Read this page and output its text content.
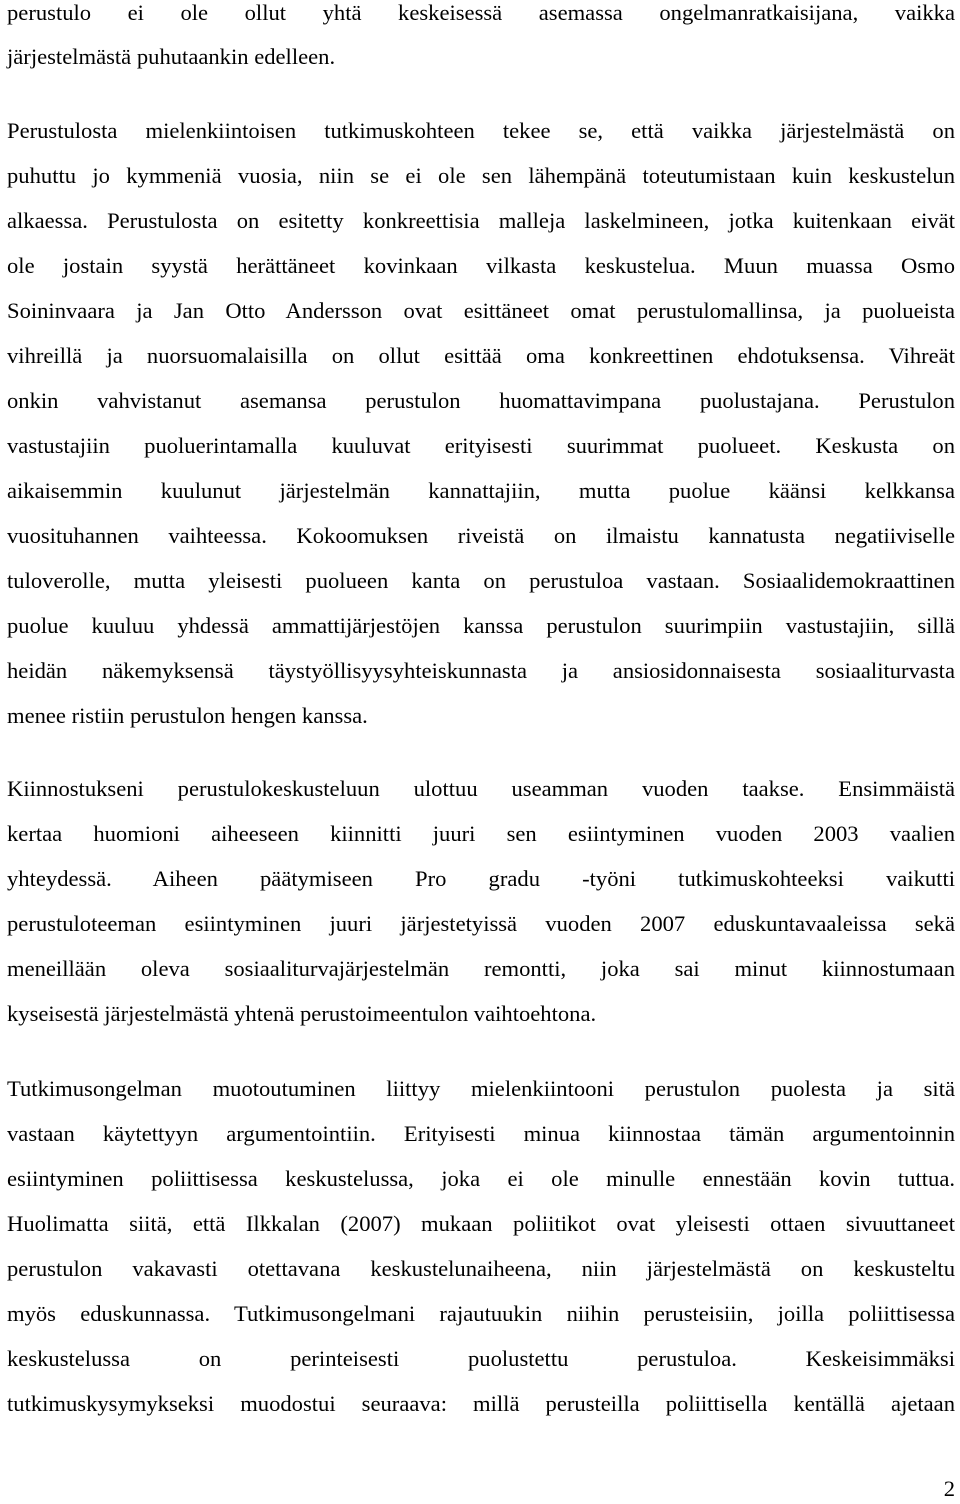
perustulo ei ole ollut yhtä keskeisessä asemassa ongelmanratkaisijana, vaikka
järjestelmästä puhutaankin edelleen.
Perustulosta mielenkiintoisen tutkimuskohteen tekee se, että vaikka järjestelmästä on
puhuttu jo kymmeniä vuosia, niin se ei ole sen lähempänä toteutumistaan kuin keskustelun
alkaessa. Perustulosta on esitetty konkreettisia malleja laskelmineen, jotka kuitenkaan eivät
ole jostain syystä herättäneet kovinkaan vilkasta keskustelua. Muun muassa Osmo
Soininvaara ja Jan Otto Andersson ovat esittäneet omat perustulomallinsa, ja puolueista
vihreillä ja nuorsuomalaisilla on ollut esittää oma konkreettinen ehdotuksensa. Vihreät
onkin vahvistanut asemansa perustulon huomattavimpana puolustajana. Perustulon
vastustajiin puoluerintamalla kuuluvat erityisesti suurimmat puolueet. Keskusta on
aikaisemmin kuulunut järjestelmän kannattajiin, mutta puolue käänsi kelkkansa
vuosituhannen vaihteessa. Kokoomuksen riveistä on ilmaistu kannatusta negatiiviselle
tuloverolle, mutta yleisesti puolueen kanta on perustuloa vastaan. Sosiaalidemokraattinen
puolue kuuluu yhdessä ammattijärjestöjen kanssa perustulon suurimpiin vastustajiin, sillä
heidän näkemyksensä täystyöllisyysyhteiskunnasta ja ansiosidonnaisesta sosiaaliturvasta
menee ristiin perustulon hengen kanssa.
Kiinnostukseni perustulokeskusteluun ulottuu useamman vuoden taakse. Ensimmäistä
kertaa huomioni aiheeseen kiinnitti juuri sen esiintyminen vuoden 2003 vaalien
yhteydessä. Aiheen päätymiseen Pro gradu -työni tutkimuskohteeksi vaikutti
perustuloteeman esiintyminen juuri järjestetyissä vuoden 2007 eduskuntavaaleissa sekä
meneillään oleva sosiaaliturvajärjestelmän remontti, joka sai minut kiinnostumaan
kyseisestä järjestelmästä yhtenä perustoimeentulon vaihtoehtona.
Tutkimusongelman muotoutuminen liittyy mielenkiintooni perustulon puolesta ja sitä
vastaan käytettyyn argumentointiin. Erityisesti minua kiinnostaa tämän argumentoinnin
esiintyminen poliittisessa keskustelussa, joka ei ole minulle ennestään kovin tuttua.
Huolimatta siitä, että Ilkkalan (2007) mukaan poliitikot ovat yleisesti ottaen sivuuttaneet
perustulon vakavasti otettavana keskustelunaiheena, niin järjestelmästä on keskusteltu
myös eduskunnassa. Tutkimusongelmani rajautuukin niihin perusteisiin, joilla poliittisessa
keskustelussa on perinteisesti puolustettu perustuloa. Keskeisimmäksi
tutkimuskysymykseksi muodostui seuraava: millä perusteilla poliittisella kentällä ajetaan
2
